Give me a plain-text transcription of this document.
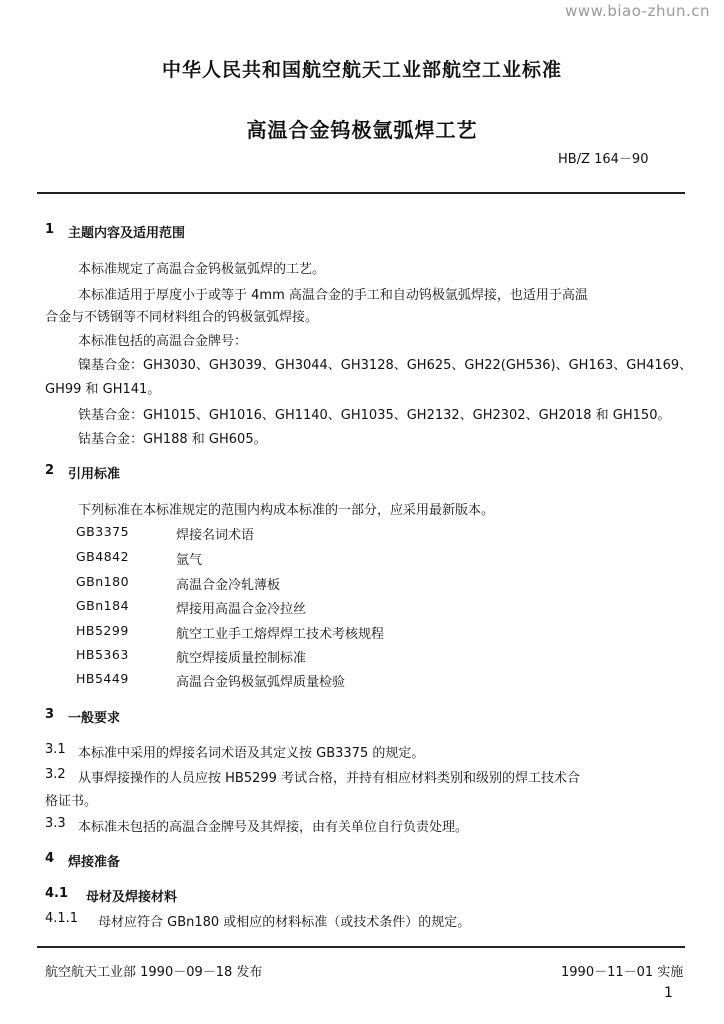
www.biao-zhun.cn
中华人民共和国航空航天工业部航空工业标准
高温合金钨极氩弧焊工艺
HB/Z 164－90
1 主题内容及适用范围
本标准规定了高温合金钨极氩弧焊的工艺。
本标准适用于厚度小于或等于 4mm 高温合金的手工和自动钨极氩弧焊接，也适用于高温
合金与不锈钢等不同材料组合的钨极氩弧焊接。
本标准包括的高温合金牌号：
镍基合金：GH3030、GH3039、GH3044、GH3128、GH625、GH22(GH536)、GH163、GH4169、
GH99 和 GH141。
铁基合金：GH1015、GH1016、GH1140、GH1035、GH2132、GH2302、GH2018 和 GH150。
钴基合金：GH188 和 GH605。
2 引用标准
下列标准在本标准规定的范围内构成本标准的一部分，应采用最新版本。
GB3375	焊接名词术语
GB4842	氩气
GBn180	高温合金冷轧薄板
GBn184	焊接用高温合金冷拉丝
HB5299	航空工业手工熔焊焊工技术考核规程
HB5363	航空焊接质量控制标准
HB5449	高温合金钨极氩弧焊质量检验
3 一般要求
3.1 本标准中采用的焊接名词术语及其定义按 GB3375 的规定。
3.2 从事焊接操作的人员应按 HB5299 考试合格，并持有相应材料类别和级别的焊工技术合
格证书。
3.3 本标准未包括的高温合金牌号及其焊接，由有关单位自行负责处理。
4 焊接准备
4.1 母材及焊接材料
4.1.1 母材应符合 GBn180 或相应的材料标准（或技术条件）的规定。
航空航天工业部 1990－09－18 发布	1990－11－01 实施
1
